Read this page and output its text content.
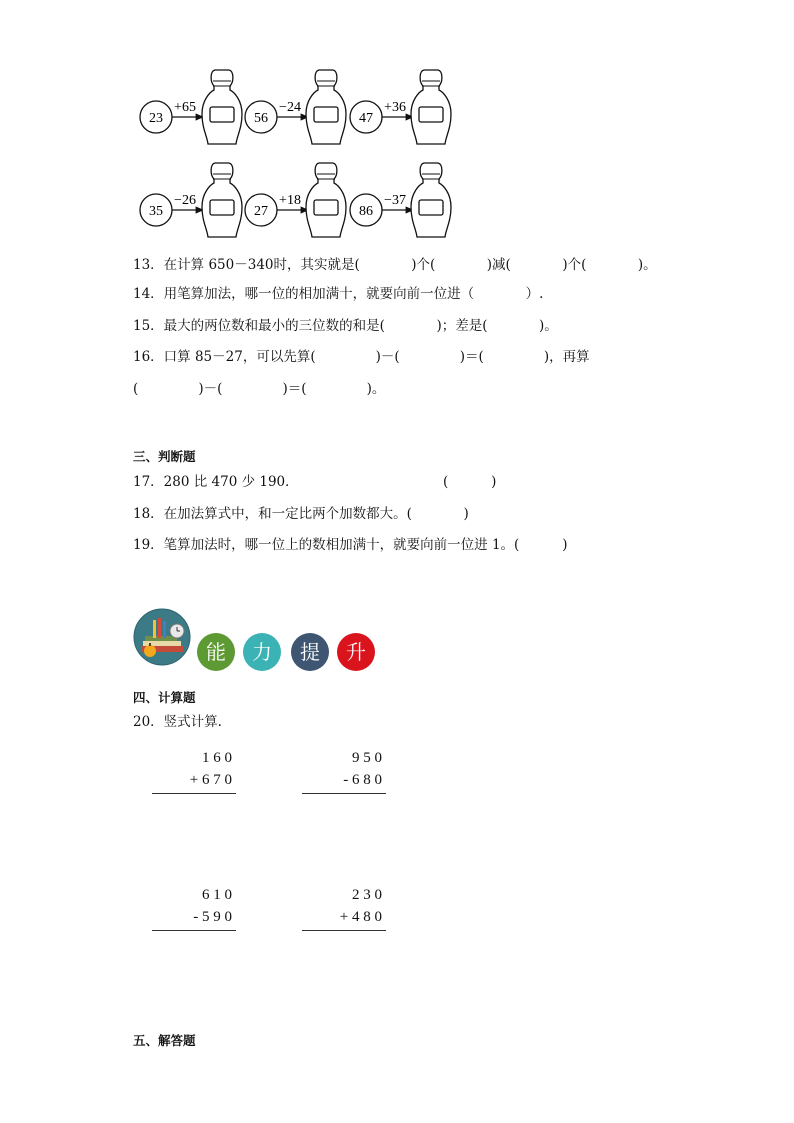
23
+65
56
−24
47
+36
35
−26
27
+18
86
−37
13．在计算 650－340时，其实就是(            )个(            )减(            )个(            )。
14．用笔算加法，哪一位的相加满十，就要向前一位进（            ）.
15．最大的两位数和最小的三位数的和是(            )；差是(            )。
16．口算 85－27，可以先算(              )－(              )＝(              )，再算
(              )－(              )＝(              )。
三、判断题
17．280 比 470 少 190．	(          )
18．在加法算式中，和一定比两个加数都大。(            )
19．笔算加法时，哪一位上的数相加满十，就要向前一位进 1。(          )
能	力	提	升
四、计算题
20．竖式计算.
1 6 0
+ 6 7 0
9 5 0
- 6 8 0
6 1 0
- 5 9 0
2 3 0
+ 4 8 0
五、解答题
